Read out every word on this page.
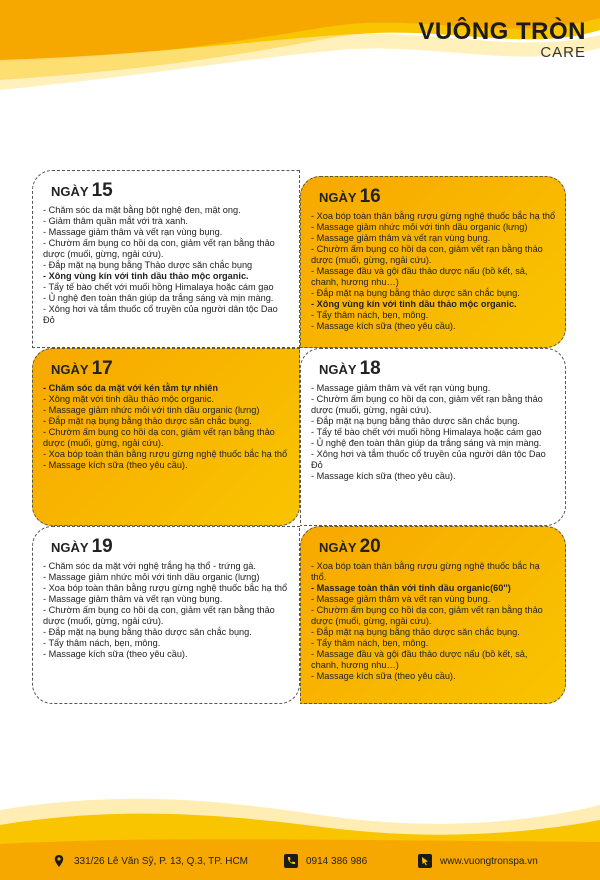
VUÔNG TRÒN
CARE
NGÀY 15
- Chăm sóc da mặt bằng bột nghệ đen, mật ong.
- Giảm thâm quần mắt với trà xanh.
- Massage giảm thâm và vết rạn vùng bụng.
- Chườm ấm bụng co hồi dạ con, giảm vết rạn bằng thảo dược (muối, gừng, ngải cứu).
- Đắp mặt nạ bụng bằng Thảo dược săn chắc bụng
- Xông vùng kín với tinh dầu thảo mộc organic.
- Tẩy tế bào chết với muối hồng Himalaya hoặc cám gạo
- Ủ nghệ đen toàn thân giúp da trắng sáng và mịn màng.
- Xông hơi và tắm thuốc cổ truyền của người dân tộc Dao Đỏ
NGÀY 16
- Xoa bóp toàn thân bằng rượu gừng nghệ thuốc bắc hạ thổ
- Massage giảm nhức mỏi với tinh dầu organic (lưng)
- Massage giảm thâm và vết rạn vùng bụng.
- Chườm ấm bụng co hồi dạ con, giảm vết rạn bằng thảo dược (muối, gừng, ngải cứu).
- Massage đầu và gội đầu thảo dược nấu (bồ kết, sả, chanh, hương nhu…)
- Đắp mặt nạ bụng bằng thảo dược săn chắc bụng.
- Xông vùng kín với tinh dầu thảo mộc organic.
- Tẩy thâm nách, bẹn, mông.
- Massage kích sữa (theo yêu cầu).
NGÀY 17
- Chăm sóc da mặt với kén tằm tự nhiên
- Xông mặt với tinh dầu thảo mộc organic.
- Massage giảm nhức mỏi với tinh dầu organic (lưng)
- Đắp mặt nạ bụng bằng thảo dược săn chắc bụng.
- Chườm ấm bụng co hồi dạ con, giảm vết rạn bằng thảo dược (muối, gừng, ngải cứu).
- Xoa bóp toàn thân bằng rượu gừng nghệ thuốc bắc hạ thổ
- Massage kích sữa (theo yêu cầu).
NGÀY 18
- Massage giảm thâm và vết rạn vùng bụng.
- Chườm ấm bụng co hồi dạ con, giảm vết rạn bằng thảo dược (muối, gừng, ngải cứu).
- Đắp mặt nạ bụng bằng thảo dược săn chắc bụng.
- Tẩy tế bào chết với muối hồng Himalaya hoặc cám gạo
- Ủ nghệ đen toàn thân giúp da trắng sáng và mịn màng.
- Xông hơi và tắm thuốc cổ truyền của người dân tộc Dao Đỏ
- Massage kích sữa (theo yêu cầu).
NGÀY 19
- Chăm sóc da mặt với nghệ trắng hạ thổ - trứng gà.
- Massage giảm nhức mỏi với tinh dầu organic (lưng)
- Xoa bóp toàn thân bằng rượu gừng nghệ thuốc bắc hạ thổ
- Massage giảm thâm và vết rạn vùng bụng.
- Chườm ấm bụng co hồi dạ con, giảm vết rạn bằng thảo dược (muối, gừng, ngải cứu).
- Đắp mặt nạ bụng bằng thảo dược săn chắc bụng.
- Tẩy thâm nách, bẹn, mông.
- Massage kích sữa (theo yêu cầu).
NGÀY 20
- Xoa bóp toàn thân bằng rượu gừng nghệ thuốc bắc hạ thổ.
- Massage toàn thân với tinh dầu organic(60'')
- Massage giảm thâm và vết rạn vùng bụng.
- Chườm ấm bụng co hồi dạ con, giảm vết rạn bằng thảo dược (muối, gừng, ngải cứu).
- Đắp mặt nạ bụng bằng thảo dược săn chắc bụng.
- Tẩy thâm nách, bẹn, mông.
- Massage đầu và gội đầu thảo dược nấu (bồ kết, sả, chanh, hương nhu…)
- Massage kích sữa (theo yêu cầu).
331/26 Lê Văn Sỹ, P. 13, Q.3, TP. HCM	0914 386 986	www.vuongtronspa.vn
